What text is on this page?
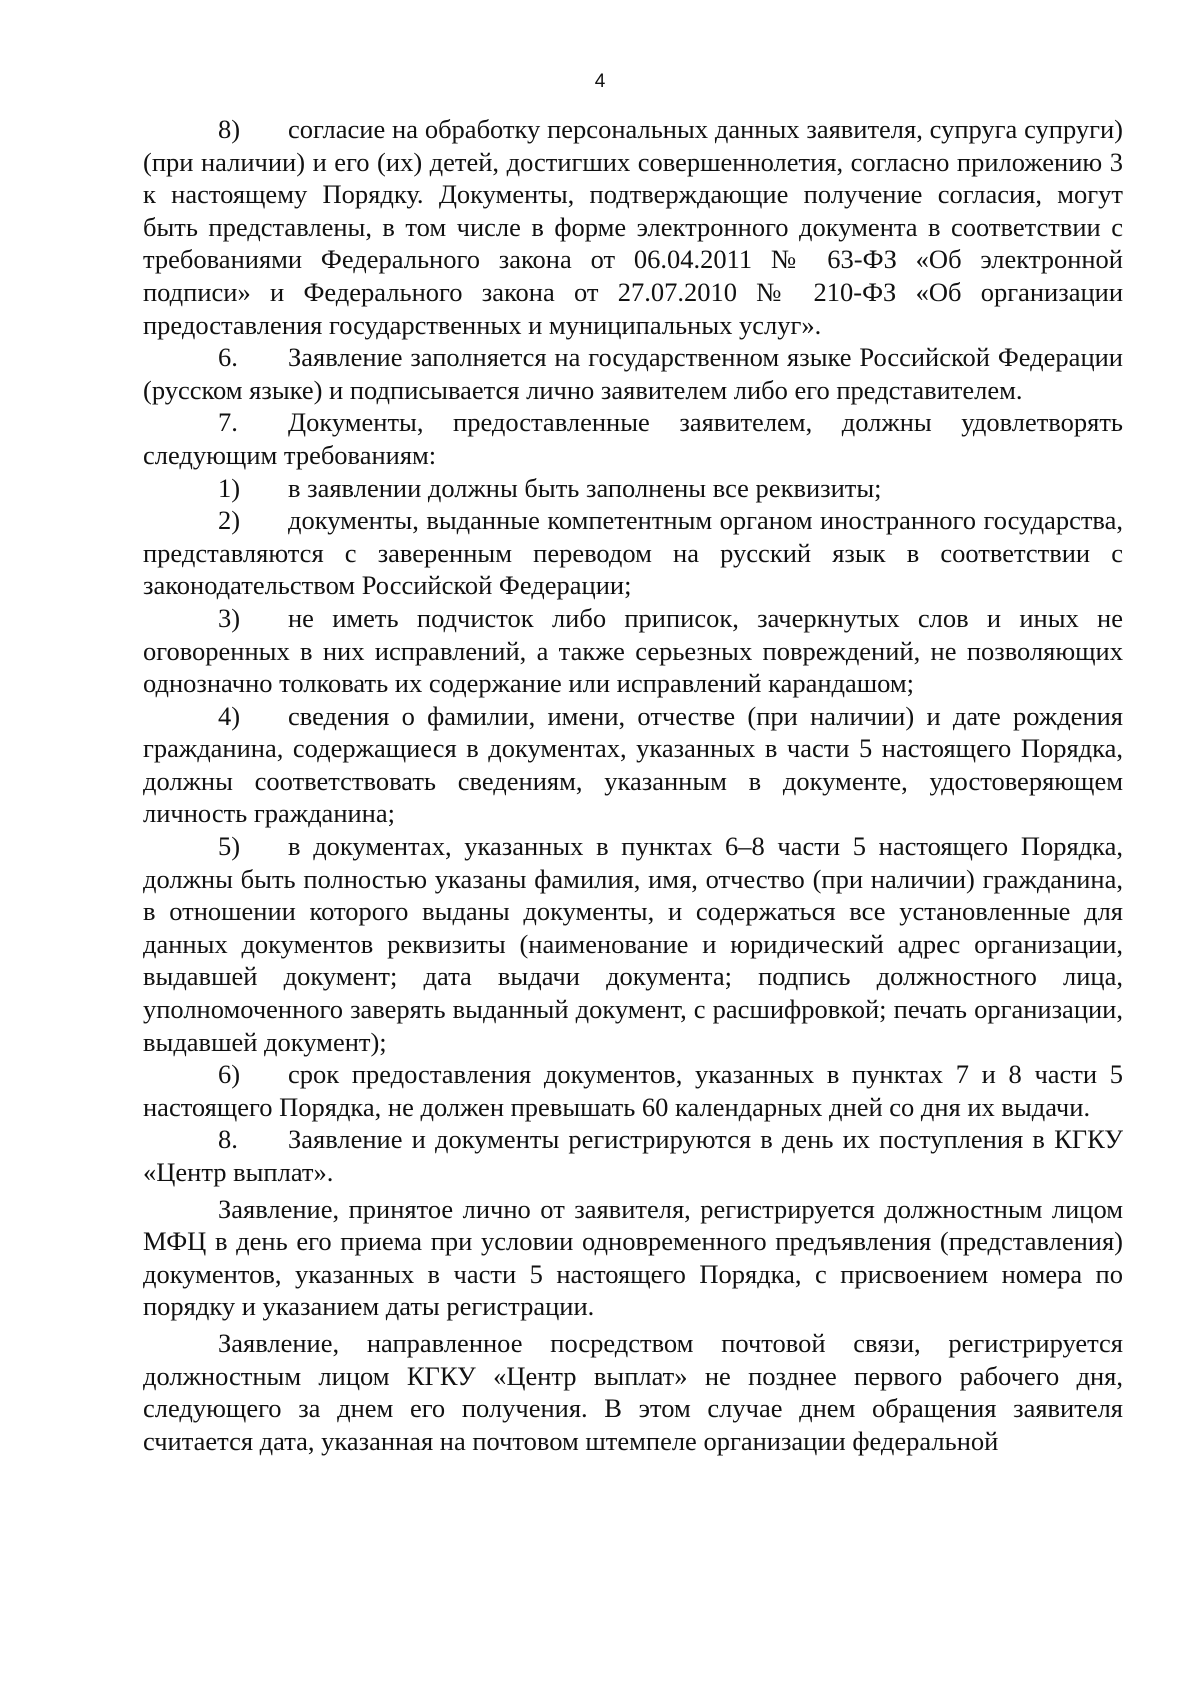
4

8) согласие на обработку персональных данных заявителя, супруга супруги) (при наличии) и его (их) детей, достигших совершеннолетия, согласно приложению 3 к настоящему Порядку. Документы, подтверждающие получение согласия, могут быть представлены, в том числе в форме электронного документа в соответствии с требованиями Федерального закона от 06.04.2011 № 63-ФЗ «Об электронной подписи» и Федерального закона от 27.07.2010 № 210-ФЗ «Об организации предоставления государственных и муниципальных услуг».

6. Заявление заполняется на государственном языке Российской Федерации (русском языке) и подписывается лично заявителем либо его представителем.

7. Документы, предоставленные заявителем, должны удовлетворять следующим требованиям:

1) в заявлении должны быть заполнены все реквизиты;

2) документы, выданные компетентным органом иностранного государства, представляются с заверенным переводом на русский язык в соответствии с законодательством Российской Федерации;

3) не иметь подчисток либо приписок, зачеркнутых слов и иных не оговоренных в них исправлений, а также серьезных повреждений, не позволяющих однозначно толковать их содержание или исправлений карандашом;

4) сведения о фамилии, имени, отчестве (при наличии) и дате рождения гражданина, содержащиеся в документах, указанных в части 5 настоящего Порядка, должны соответствовать сведениям, указанным в документе, удостоверяющем личность гражданина;

5) в документах, указанных в пунктах 6–8 части 5 настоящего Порядка, должны быть полностью указаны фамилия, имя, отчество (при наличии) гражданина, в отношении которого выданы документы, и содержаться все установленные для данных документов реквизиты (наименование и юридический адрес организации, выдавшей документ; дата выдачи документа; подпись должностного лица, уполномоченного заверять выданный документ, с расшифровкой; печать организации, выдавшей документ);

6) срок предоставления документов, указанных в пунктах 7 и 8 части 5 настоящего Порядка, не должен превышать 60 календарных дней со дня их выдачи.

8. Заявление и документы регистрируются в день их поступления в КГКУ «Центр выплат».

Заявление, принятое лично от заявителя, регистрируется должностным лицом МФЦ в день его приема при условии одновременного предъявления (представления) документов, указанных в части 5 настоящего Порядка, с присвоением номера по порядку и указанием даты регистрации.

Заявление, направленное посредством почтовой связи, регистрируется должностным лицом КГКУ «Центр выплат» не позднее первого рабочего дня, следующего за днем его получения. В этом случае днем обращения заявителя считается дата, указанная на почтовом штемпеле организации федеральной
